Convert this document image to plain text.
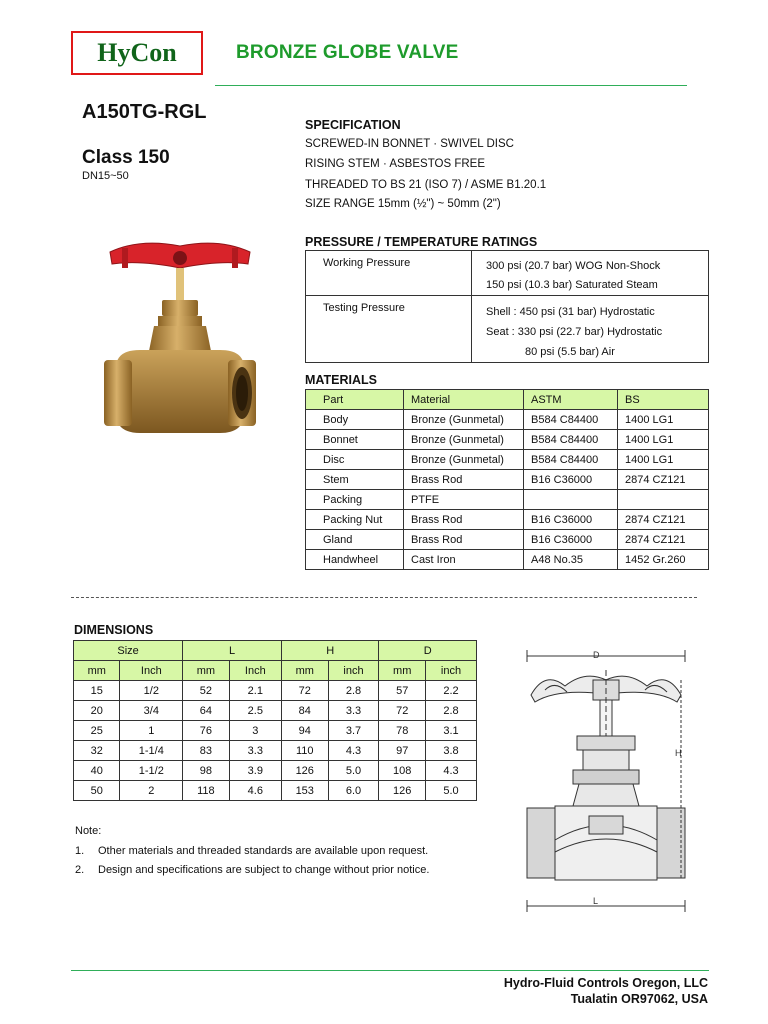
HyCon	BRONZE GLOBE VALVE
A150TG-RGL
Class 150
DN15~50
SPECIFICATION
SCREWED-IN BONNET · SWIVEL DISC
RISING STEM · ASBESTOS FREE
THREADED TO BS 21 (ISO 7) / ASME B1.20.1
SIZE RANGE 15mm (½") ~ 50mm (2")
PRESSURE / TEMPERATURE RATINGS
Working Pressure	300 psi (20.7 bar) WOG Non-Shock
150 psi (10.3 bar) Saturated Steam

Testing Pressure	Shell : 450 psi (31 bar) Hydrostatic
Seat : 330 psi (22.7 bar) Hydrostatic
80 psi (5.5 bar) Air
MATERIALS
Part	Material	ASTM	BS
Body	Bronze (Gunmetal)	B584 C84400	1400 LG1
Bonnet	Bronze (Gunmetal)	B584 C84400	1400 LG1
Disc	Bronze (Gunmetal)	B584 C84400	1400 LG1
Stem	Brass Rod	B16 C36000	2874 CZ121
Packing	PTFE		
Packing Nut	Brass Rod	B16 C36000	2874 CZ121
Gland	Brass Rod	B16 C36000	2874 CZ121
Handwheel	Cast Iron	A48 No.35	1452 Gr.260
DIMENSIONS
Size		L		H		D	
mm	Inch	mm	Inch	mm	inch	mm	inch
15	1/2	52	2.1	72	2.8	57	2.2
20	3/4	64	2.5	84	3.3	72	2.8
25	1	76	3	94	3.7	78	3.1
32	1-1/4	83	3.3	110	4.3	97	3.8
40	1-1/2	98	3.9	126	5.0	108	4.3
50	2	118	4.6	153	6.0	126	5.0
D
H
L
Note:
1. Other materials and threaded standards are available upon request.
2. Design and specifications are subject to change without prior notice.
Hydro-Fluid Controls Oregon, LLC
Tualatin OR97062, USA
